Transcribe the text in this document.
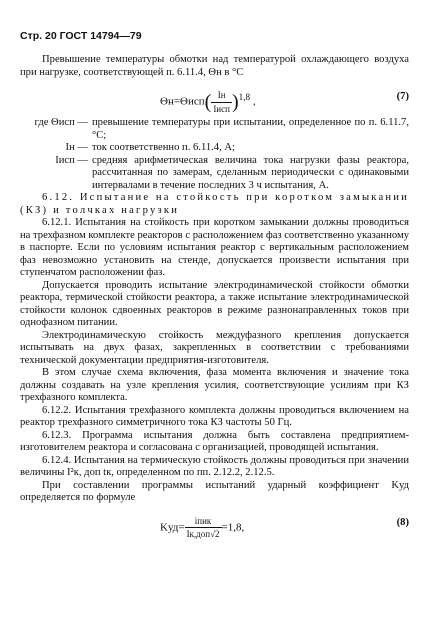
Стр. 20 ГОСТ 14794—79

Превышение температуры обмотки над температурой охлаждающего воздуха при нагрузке, соответствующей п. 6.11.4, Θн в °С

$\Theta н=\Theta исп( \frac{Iн}{\text{Iисп}} )^{1,8}$ ,	(7)
где Θисп — превышение температуры при испытании, определенное по п. 6.11.7, °С;
Iн — ток соответственно п. 6.11.4, А;
Iисп — средняя арифметическая величина тока нагрузки фазы реактора, рассчитанная по замерам, сделанным периодически с одинаковыми интервалами в течение последних 3 ч испытания, А.

6.12. Испытание на стойкость при коротком замыкании (КЗ) и толчках нагрузки

6.12.1. Испытания на стойкость при коротком замыкании должны проводиться на трехфазном комплекте реакторов с расположением фаз соответственно указанному в паспорте. Если по условиям испытания реактор с вертикальным расположением фаз невозможно установить на стенде, допускается произвести испытания при ступенчатом расположении фаз.

Допускается проводить испытание электродинамической стойкости обмотки реактора, термической стойкости реактора, а также испытание электродинамической стойкости колонок сдвоенных реакторов в режиме разнонаправленных токов при однофазном питании.

Электродинамическую стойкость междуфазного крепления допускается испытывать на двух фазах, закрепленных в соответствии с требованиями технической документации предприятия-изготовителя.

В этом случае схема включения, фаза момента включения и значение тока должны создавать на узле крепления усилия, соответствующие усилиям при КЗ трехфазного комплекта.

6.12.2. Испытания трехфазного комплекта должны проводиться включением на реактор трехфазного симметричного тока КЗ частоты 50 Гц.

6.12.3. Программа испытания должна быть составлена предприятием-изготовителем реактора и согласована с организацией, проводящей испытания.

6.12.4. Испытания на термическую стойкость должны проводиться при значении величины I²к, доп tк, определенном по пп. 2.12.2, 2.12.5.

При составлении программы испытаний ударный коэффициент Kуд определяется по формуле

$Kуд= \frac{\text{iпик}}{\text{Iк,доп√2}} =1,8$,	(8)
